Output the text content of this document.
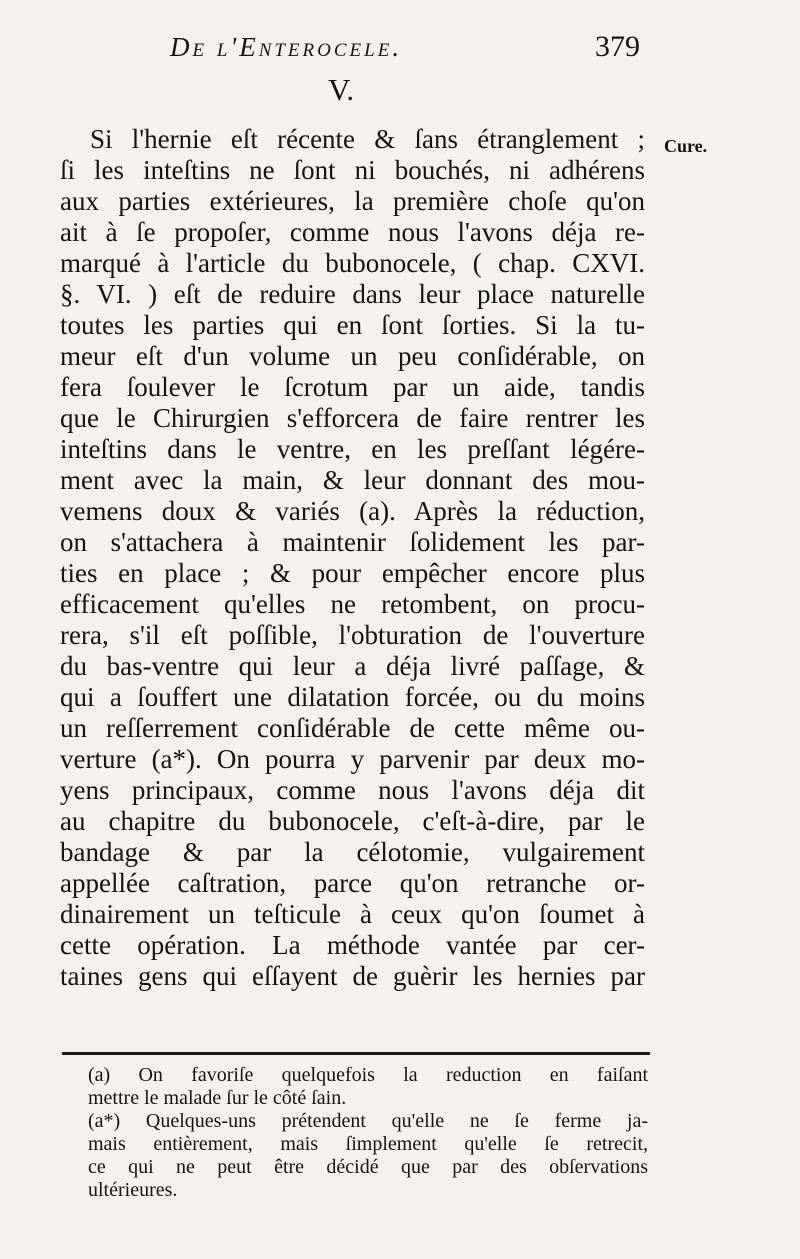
De l'Enterocele.	379
V.
Cure.
Si l'hernie eſt récente & ſans étranglement ;
ſi les inteſtins ne ſont ni bouchés, ni adhérens
aux parties extérieures, la première choſe qu'on
ait à ſe propoſer, comme nous l'avons déja re-
marqué à l'article du bubonocele, ( chap. CXVI.
§. VI. ) eſt de reduire dans leur place naturelle
toutes les parties qui en ſont ſorties. Si la tu-
meur eſt d'un volume un peu conſidérable, on
fera ſoulever le ſcrotum par un aide, tandis
que le Chirurgien s'efforcera de faire rentrer les
inteſtins dans le ventre, en les preſſant légére-
ment avec la main, & leur donnant des mou-
vemens doux & variés (a). Après la réduction,
on s'attachera à maintenir ſolidement les par-
ties en place ; & pour empêcher encore plus
efficacement qu'elles ne retombent, on procu-
rera, s'il eſt poſſible, l'obturation de l'ouverture
du bas-ventre qui leur a déja livré paſſage, &
qui a ſouffert une dilatation forcée, ou du moins
un reſſerrement conſidérable de cette même ou-
verture (a*). On pourra y parvenir par deux mo-
yens principaux, comme nous l'avons déja dit
au chapitre du bubonocele, c'eſt-à-dire, par le
bandage & par la célotomie, vulgairement
appellée caſtration, parce qu'on retranche or-
dinairement un teſticule à ceux qu'on ſoumet à
cette opération. La méthode vantée par cer-
taines gens qui eſſayent de guèrir les hernies par
(a) On favoriſe quelquefois la reduction en faiſant
mettre le malade ſur le côté ſain.
(a*) Quelques-uns prétendent qu'elle ne ſe ferme ja-
mais entièrement, mais ſimplement qu'elle ſe retrecit,
ce qui ne peut être décidé que par des obſervations
ultérieures.
